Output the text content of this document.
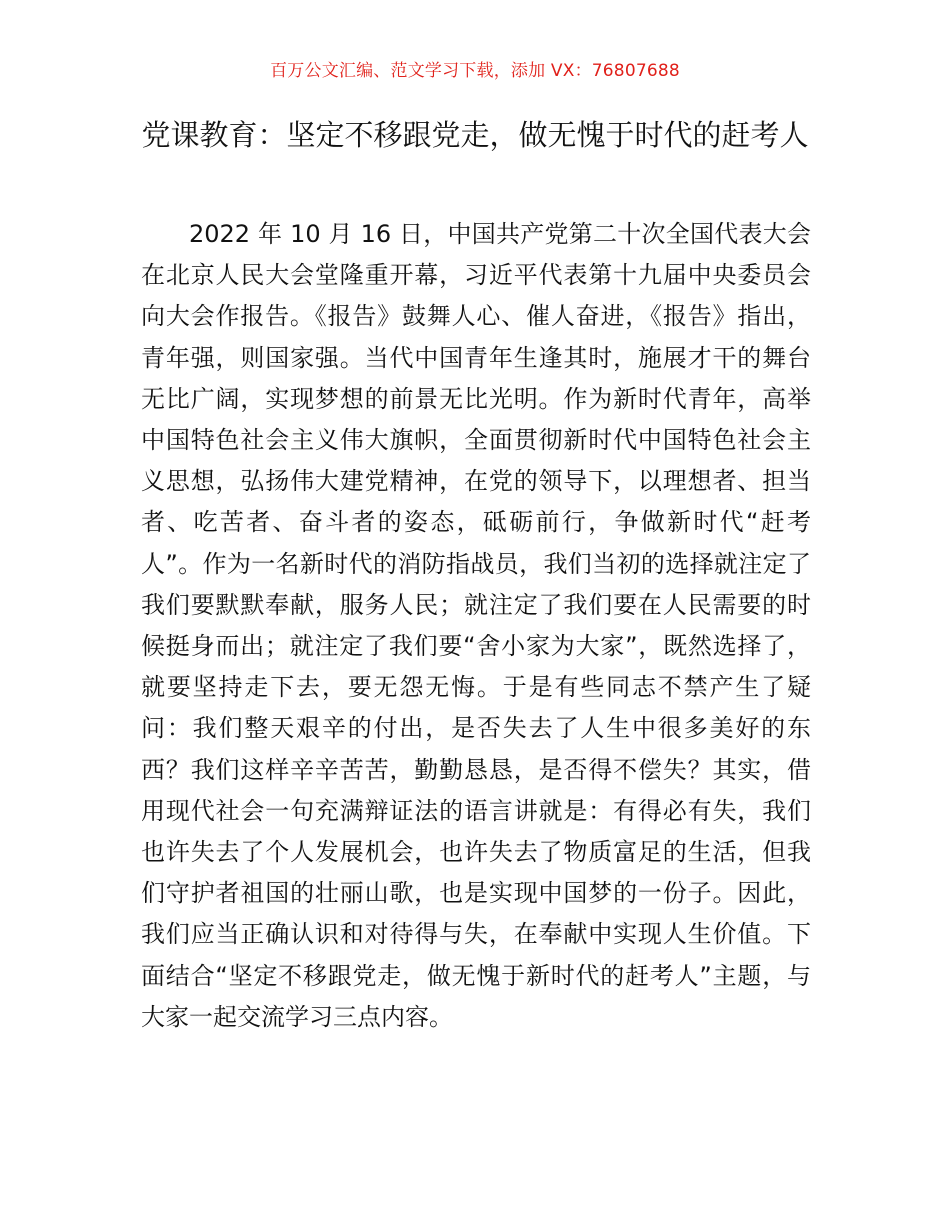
百万公文汇编、范文学习下载，添加 VX：76807688
党课教育：坚定不移跟党走，做无愧于时代的赶考人

2022 年 10 月 16 日，中国共产党第二十次全国代表大会在北京人民大会堂隆重开幕，习近平代表第十九届中央委员会向大会作报告。《报告》鼓舞人心、催人奋进，《报告》指出，青年强，则国家强。当代中国青年生逢其时，施展才干的舞台无比广阔，实现梦想的前景无比光明。作为新时代青年，高举中国特色社会主义伟大旗帜，全面贯彻新时代中国特色社会主义思想，弘扬伟大建党精神，在党的领导下，以理想者、担当者、吃苦者、奋斗者的姿态，砥砺前行，争做新时代“赶考人”。作为一名新时代的消防指战员，我们当初的选择就注定了我们要默默奉献，服务人民；就注定了我们要在人民需要的时候挺身而出；就注定了我们要“舍小家为大家”，既然选择了，就要坚持走下去，要无怨无悔。于是有些同志不禁产生了疑问：我们整天艰辛的付出，是否失去了人生中很多美好的东西？我们这样辛辛苦苦，勤勤恳恳，是否得不偿失？其实，借用现代社会一句充满辩证法的语言讲就是：有得必有失，我们也许失去了个人发展机会，也许失去了物质富足的生活，但我们守护者祖国的壮丽山歌，也是实现中国梦的一份子。因此，我们应当正确认识和对待得与失，在奉献中实现人生价值。下面结合“坚定不移跟党走，做无愧于新时代的赶考人”主题，与大家一起交流学习三点内容。
